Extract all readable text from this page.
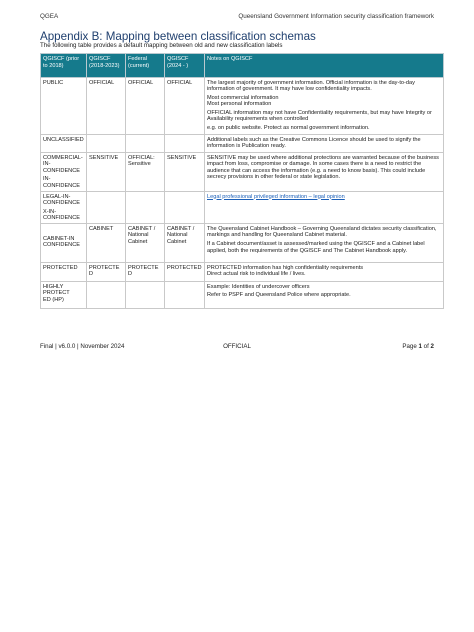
QGEA	Queensland Government Information security classification framework
Appendix B: Mapping between classification schemas
The following table provides a default mapping between old and new classification labels
QGISCF (prior to 2018)	QGISCF (2018-2023)	Federal (current)	QGISCF (2024 - )	Notes on QGISCF

PUBLIC	OFFICIAL	OFFICIAL	OFFICIAL	The largest majority of government information. Official information is the day-to-day information of government. It may have low confidentiality impacts.

Most commercial information
Most personal information

OFFICIAL information may not have Confidentiality requirements, but may have Integrity or Availability requirements when controlled

e.g. on public website. Protect as normal government information.

UNCLASSIFIED				Additional labels such as the Creative Commons Licence should be used to signify the information is Publication ready.

COMMERCIAL-IN-CONFIDENCE

IN-CONFIDENCE	SENSITIVE	OFFICIAL: Sensitive	SENSITIVE	SENSITIVE may be used where additional protections are warranted because of the business impact from loss, compromise or damage. In some cases there is a need to restrict the audience that can access the information (e.g. a need to know basis). This could include secrecy provisions in other federal or state legislation.

LEGAL-IN-CONFIDENCE

X-IN-CONFIDENCE				Legal professional privileged information – legal opinion

CABINET-IN CONFIDENCE	CABINET	CABINET / National Cabinet	CABINET / National Cabinet	The Queensland Cabinet Handbook – Governing Queensland dictates security classification, markings and handling for Queensland Cabinet material.

If a Cabinet document/asset is assessed/marked using the QGISCF and a Cabinet label applied, both the requirements of the QGISCF and The Cabinet Handbook apply.

PROTECTED	PROTECTED	PROTECTED	PROTECTED	PROTECTED information has high confidentiality requirements
Direct actual risk to individual life / lives.

HIGHLY PROTECTED (HP)				Example: Identities of undercover officers

Refer to PSPF and Queensland Police where appropriate.

Final | v6.0.0 | November 2024	OFFICIAL	Page 1 of 2
